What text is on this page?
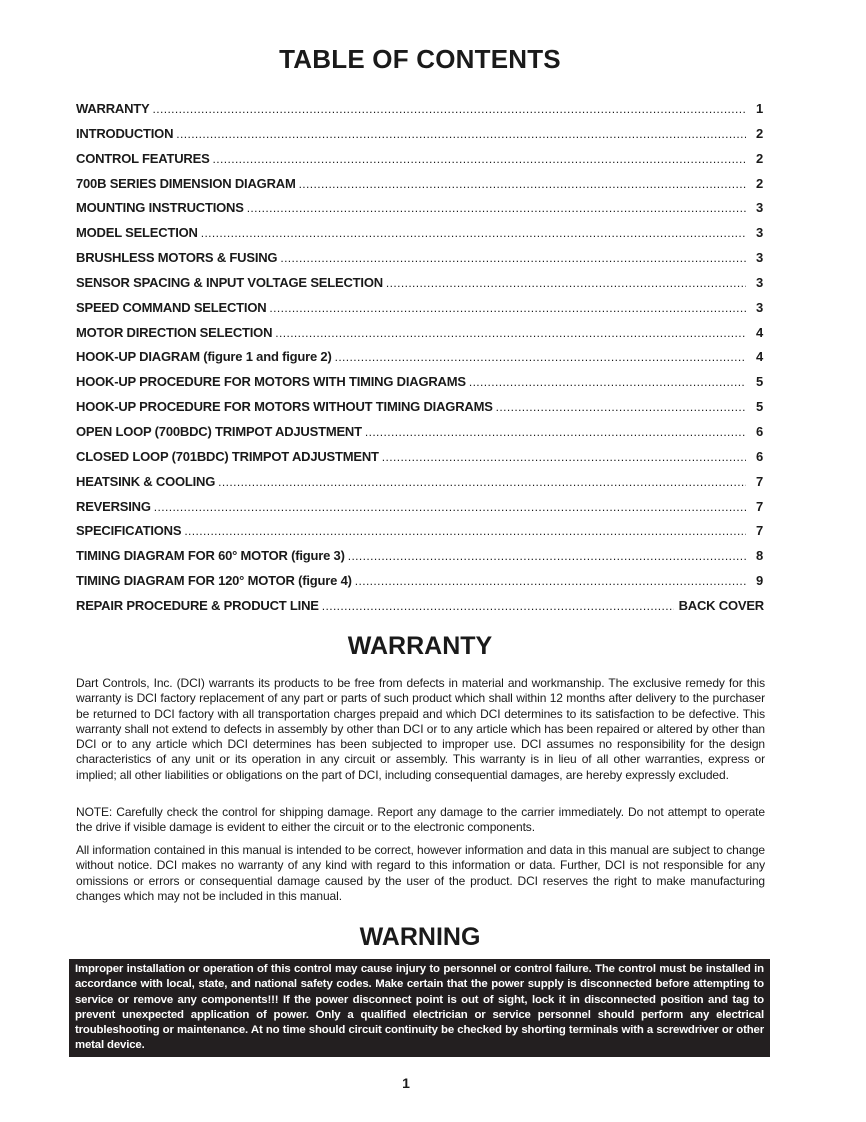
TABLE OF CONTENTS
WARRANTY .....	1
INTRODUCTION .....	2
CONTROL FEATURES .....	2
700B SERIES DIMENSION DIAGRAM .....	2
MOUNTING INSTRUCTIONS .....	3
MODEL SELECTION .....	3
BRUSHLESS MOTORS & FUSING .....	3
SENSOR SPACING & INPUT VOLTAGE SELECTION .....	3
SPEED COMMAND SELECTION .....	3
MOTOR DIRECTION SELECTION .....	4
HOOK-UP DIAGRAM (figure 1 and figure 2) .....	4
HOOK-UP PROCEDURE FOR MOTORS WITH TIMING DIAGRAMS .....	5
HOOK-UP PROCEDURE FOR MOTORS WITHOUT TIMING DIAGRAMS .....	5
OPEN LOOP (700BDC) TRIMPOT ADJUSTMENT .....	6
CLOSED LOOP (701BDC) TRIMPOT ADJUSTMENT .....	6
HEATSINK & COOLING .....	7
REVERSING .....	7
SPECIFICATIONS .....	7
TIMING DIAGRAM FOR 60° MOTOR (figure 3) .....	8
TIMING DIAGRAM FOR 120° MOTOR (figure 4) .....	9
REPAIR PROCEDURE & PRODUCT LINE .....	BACK COVER
WARRANTY
Dart Controls, Inc. (DCI) warrants its products to be free from defects in material and workmanship. The exclusive remedy for this warranty is DCI factory replacement of any part or parts of such product which shall within 12 months after delivery to the purchaser be returned to DCI factory with all transportation charges prepaid and which DCI determines to its satisfaction to be defective. This warranty shall not extend to defects in assembly by other than DCI or to any article which has been repaired or altered by other than DCI or to any article which DCI determines has been subjected to improper use. DCI assumes no responsibility for the design characteristics of any unit or its operation in any circuit or assembly. This warranty is in lieu of all other warranties, express or implied; all other liabilities or obligations on the part of DCI, including consequential damages, are hereby expressly excluded.
NOTE: Carefully check the control for shipping damage. Report any damage to the carrier immediately. Do not attempt to operate the drive if visible damage is evident to either the circuit or to the electronic components.
All information contained in this manual is intended to be correct, however information and data in this manual are subject to change without notice. DCI makes no warranty of any kind with regard to this information or data. Further, DCI is not responsible for any omissions or errors or consequential damage caused by the user of the product. DCI reserves the right to make manufacturing changes which may not be included in this manual.
WARNING
Improper installation or operation of this control may cause injury to personnel or control failure. The control must be installed in accordance with local, state, and national safety codes. Make certain that the power supply is disconnected before attempting to service or remove any components!!! If the power disconnect point is out of sight, lock it in disconnected position and tag to prevent unexpected application of power. Only a qualified electrician or service personnel should perform any electrical troubleshooting or maintenance. At no time should circuit continuity be checked by shorting terminals with a screwdriver or other metal device.
1
